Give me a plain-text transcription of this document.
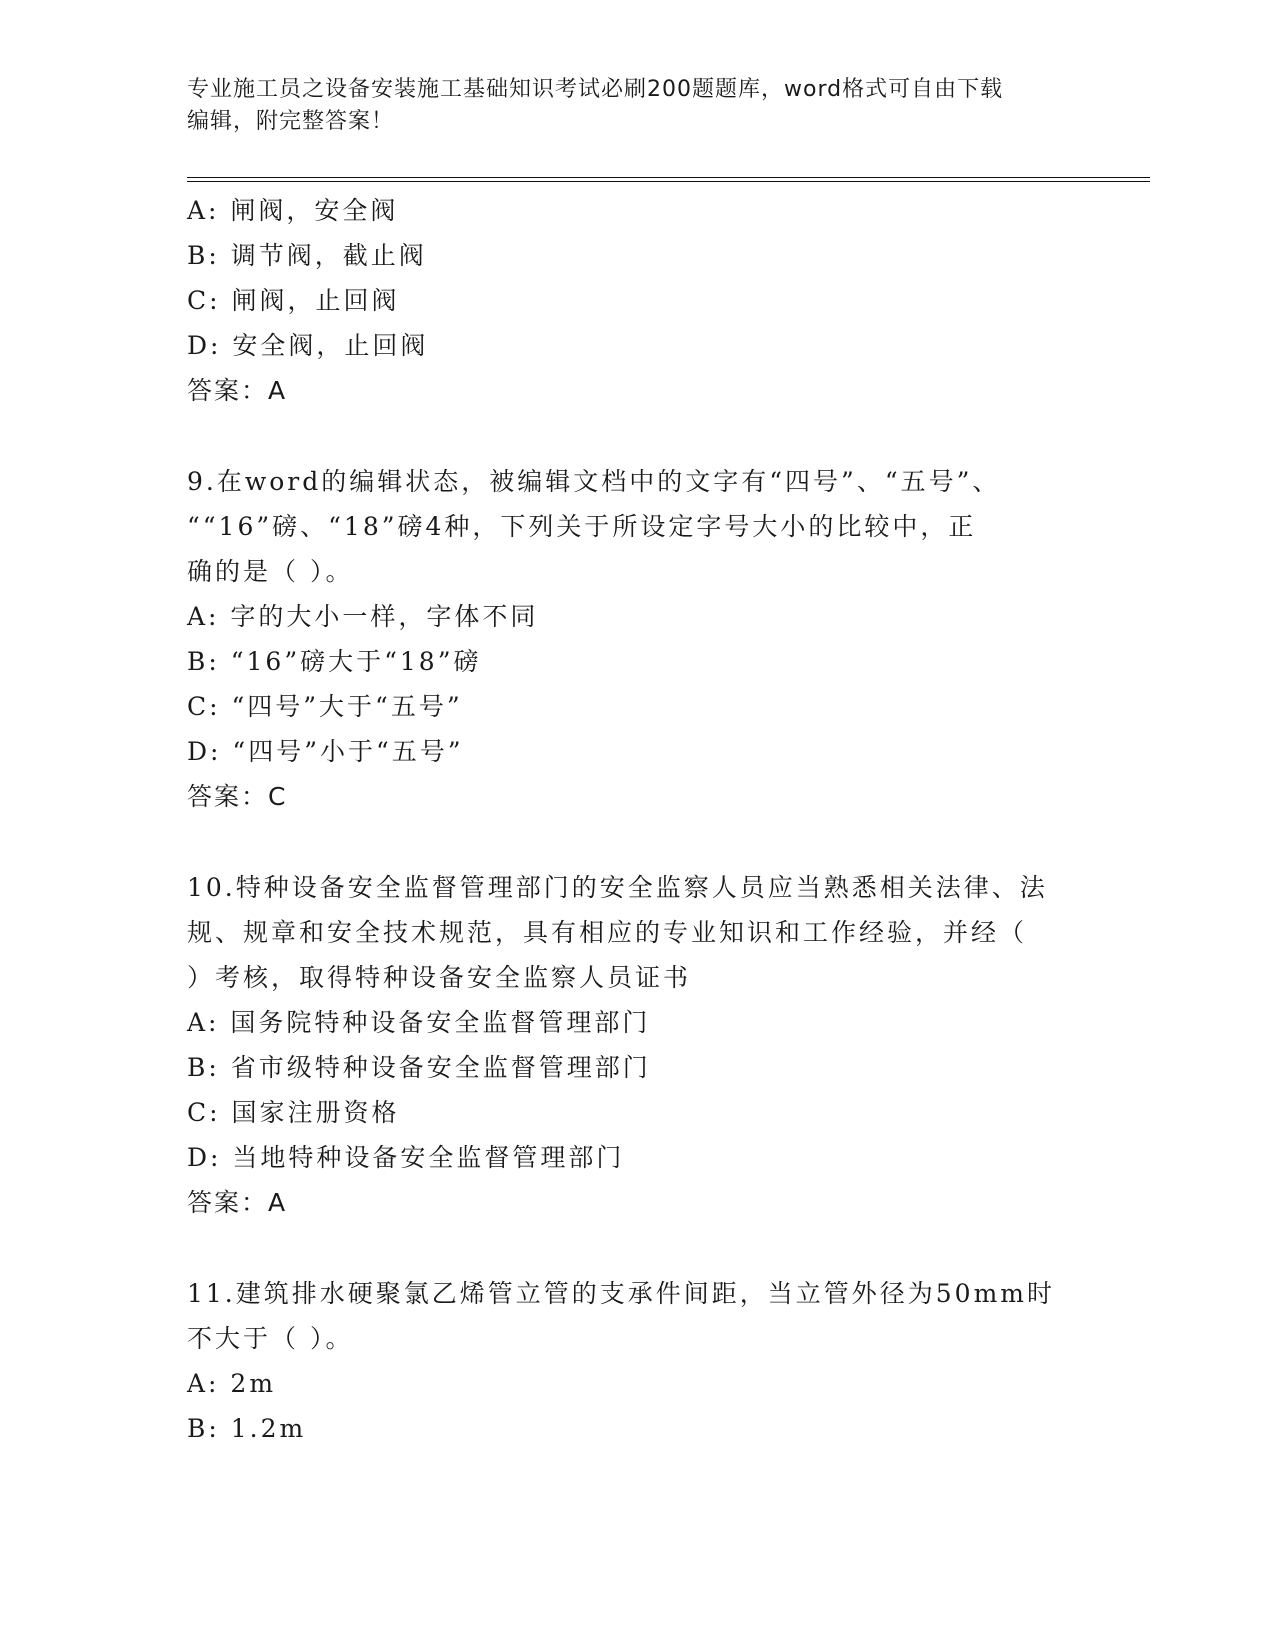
专业施工员之设备安装施工基础知识考试必刷200题题库，word格式可自由下载
编辑，附完整答案！
A: 闸阀，安全阀
B: 调节阀，截止阀
C: 闸阀，止回阀
D: 安全阀，止回阀
答案：A
9.在word的编辑状态，被编辑文档中的文字有“四号”、“五号”、
““16”磅、“18”磅4种，下列关于所设定字号大小的比较中，正
确的是（ ）。
A: 字的大小一样，字体不同
B: “16”磅大于“18”磅
C: “四号”大于“五号”
D: “四号”小于“五号”
答案：C
10.特种设备安全监督管理部门的安全监察人员应当熟悉相关法律、法
规、规章和安全技术规范，具有相应的专业知识和工作经验，并经（
）考核，取得特种设备安全监察人员证书
A: 国务院特种设备安全监督管理部门
B: 省市级特种设备安全监督管理部门
C: 国家注册资格
D: 当地特种设备安全监督管理部门
答案：A
11.建筑排水硬聚氯乙烯管立管的支承件间距，当立管外径为50mm时
不大于（ ）。
A: 2m
B: 1.2m
